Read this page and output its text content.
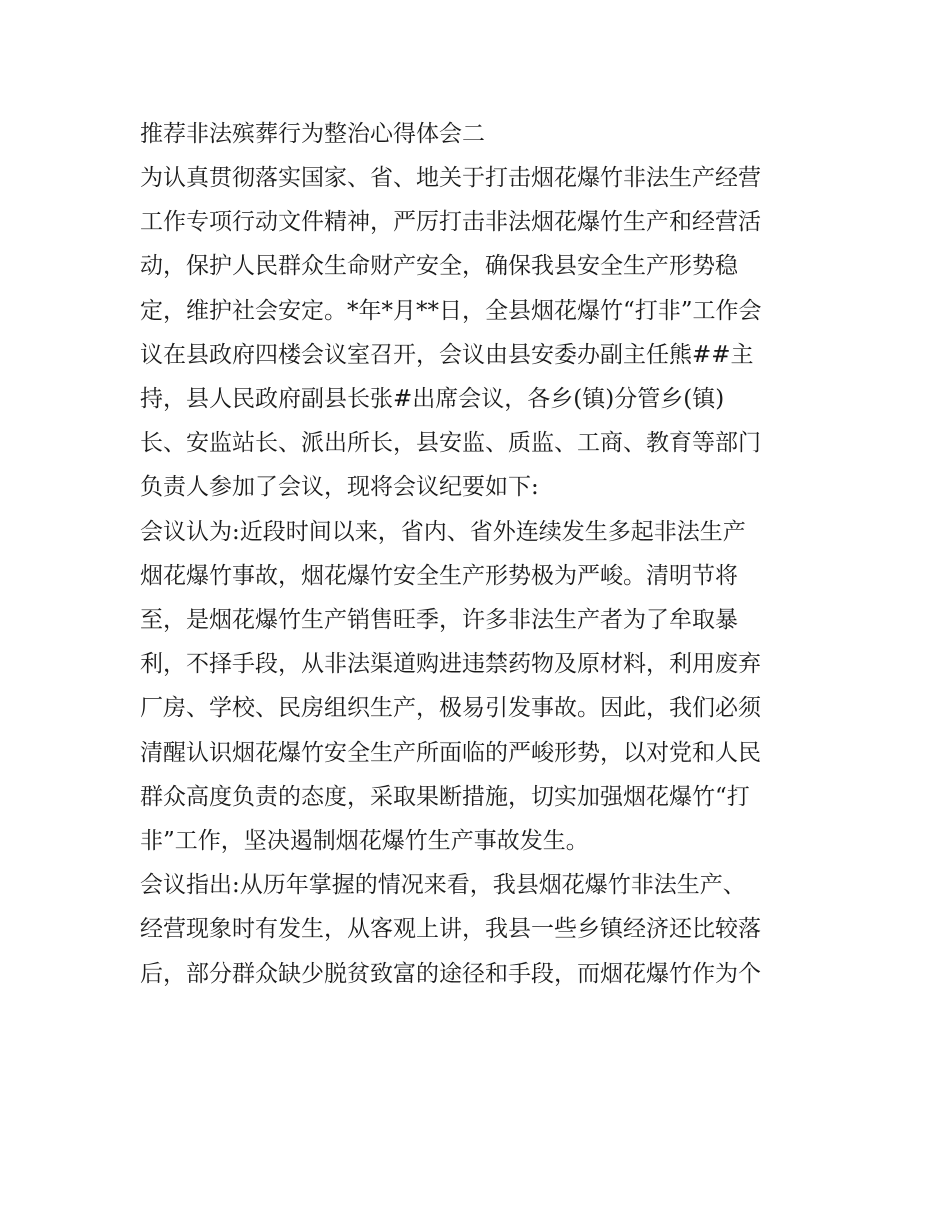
推荐非法殡葬行为整治心得体会二

为认真贯彻落实国家、省、地关于打击烟花爆竹非法生产经营

工作专项行动文件精神，严厉打击非法烟花爆竹生产和经营活

动，保护人民群众生命财产安全，确保我县安全生产形势稳

定，维护社会安定。*年*月**日，全县烟花爆竹“打非”工作会

议在县政府四楼会议室召开，会议由县安委办副主任熊##主

持，县人民政府副县长张#出席会议，各乡(镇)分管乡(镇)

长、安监站长、派出所长，县安监、质监、工商、教育等部门

负责人参加了会议，现将会议纪要如下:

会议认为:近段时间以来，省内、省外连续发生多起非法生产

烟花爆竹事故，烟花爆竹安全生产形势极为严峻。清明节将

至，是烟花爆竹生产销售旺季，许多非法生产者为了牟取暴

利，不择手段，从非法渠道购进违禁药物及原材料，利用废弃

厂房、学校、民房组织生产，极易引发事故。因此，我们必须

清醒认识烟花爆竹安全生产所面临的严峻形势，以对党和人民

群众高度负责的态度，采取果断措施，切实加强烟花爆竹“打

非”工作，坚决遏制烟花爆竹生产事故发生。

会议指出:从历年掌握的情况来看，我县烟花爆竹非法生产、

经营现象时有发生，从客观上讲，我县一些乡镇经济还比较落

后，部分群众缺少脱贫致富的途径和手段，而烟花爆竹作为个
